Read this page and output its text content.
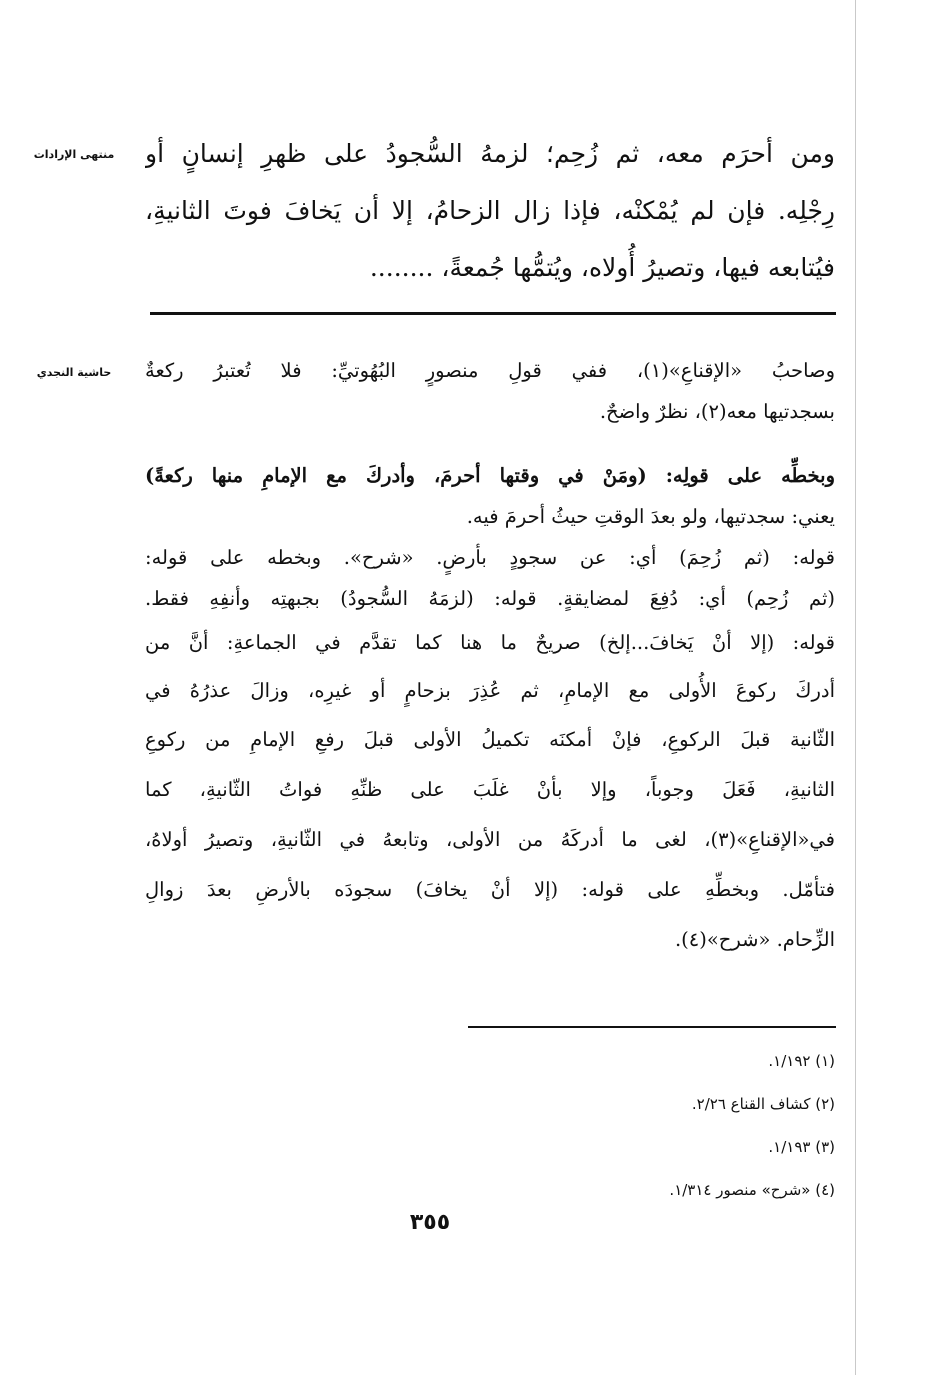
منتهى الإرادات	ومن أحرَم معه، ثم زُحِم؛ لزمهُ السُّجودُ على ظهرِ إنسانٍ أو
رِجْلِه. فإن لم يُمْكنْه، فإذا زال الزحامُ، إلا أن يَخافَ فوتَ الثانيةِ،
فيُتابعه فيها، وتصيرُ أُولاه، ويُتمُّها جُمعةً، ........
حاشية النجدي	وصاحبُ «الإقناعِ»(١)، ففي قولِ منصورٍ البُهُوتيِّ: فلا تُعتبرُ ركعةٌ
بسجدتيها معه(٢)، نظرٌ واضحٌ.
وبخطِّه على قولِه: (ومَنْ في وقتها أحرمَ، وأدركَ مع الإمامِ منها ركعةً)
يعني: سجدتيها، ولو بعدَ الوقتِ حيثُ أحرمَ فيه.
قوله: (ثم زُحِمَ) أي: عن سجودٍ بأرضٍ. «شرح». وبخطه على قوله:
(ثم زُحِم) أي: دُفِعَ لمضايقةٍ. قوله: (لزمَهُ السُّجودُ) بجبهتِه وأنفِهِ فقط.
قوله: (إلا أنْ يَخافَ...إلخ) صريحٌ ما هنا كما تقدَّم في الجماعةِ: أنَّ من
أدركَ ركوعَ الأُولى مع الإمامِ، ثم عُذِرَ بزحامٍ أو غيرِه، وزالَ عذرُهُ في
الثّانية قبلَ الركوعِ، فإنْ أمكنَه تكميلُ الأولى قبلَ رفعِ الإمامِ من ركوعِ
الثانيةِ، فَعَلَ وجوباً، وإلا بأنْ غلَبَ على ظنِّهِ فواتُ الثّانيةِ، كما
في«الإقناعِ»(٣)، لغى ما أدركَهُ من الأولى، وتابعهُ في الثّانيةِ، وتصيرُ أولاهُ،
فتأمّل. وبخطِّهِ على قوله: (إلا أنْ يخافَ) سجودَه بالأرضِ بعدَ زوالِ
الزِّحام. «شرح»(٤).
(١) ١/١٩٢.
(٢) كشاف القناع ٢/٢٦.
(٣) ١/١٩٣.
(٤) «شرح» منصور ١/٣١٤.
٣٥٥
